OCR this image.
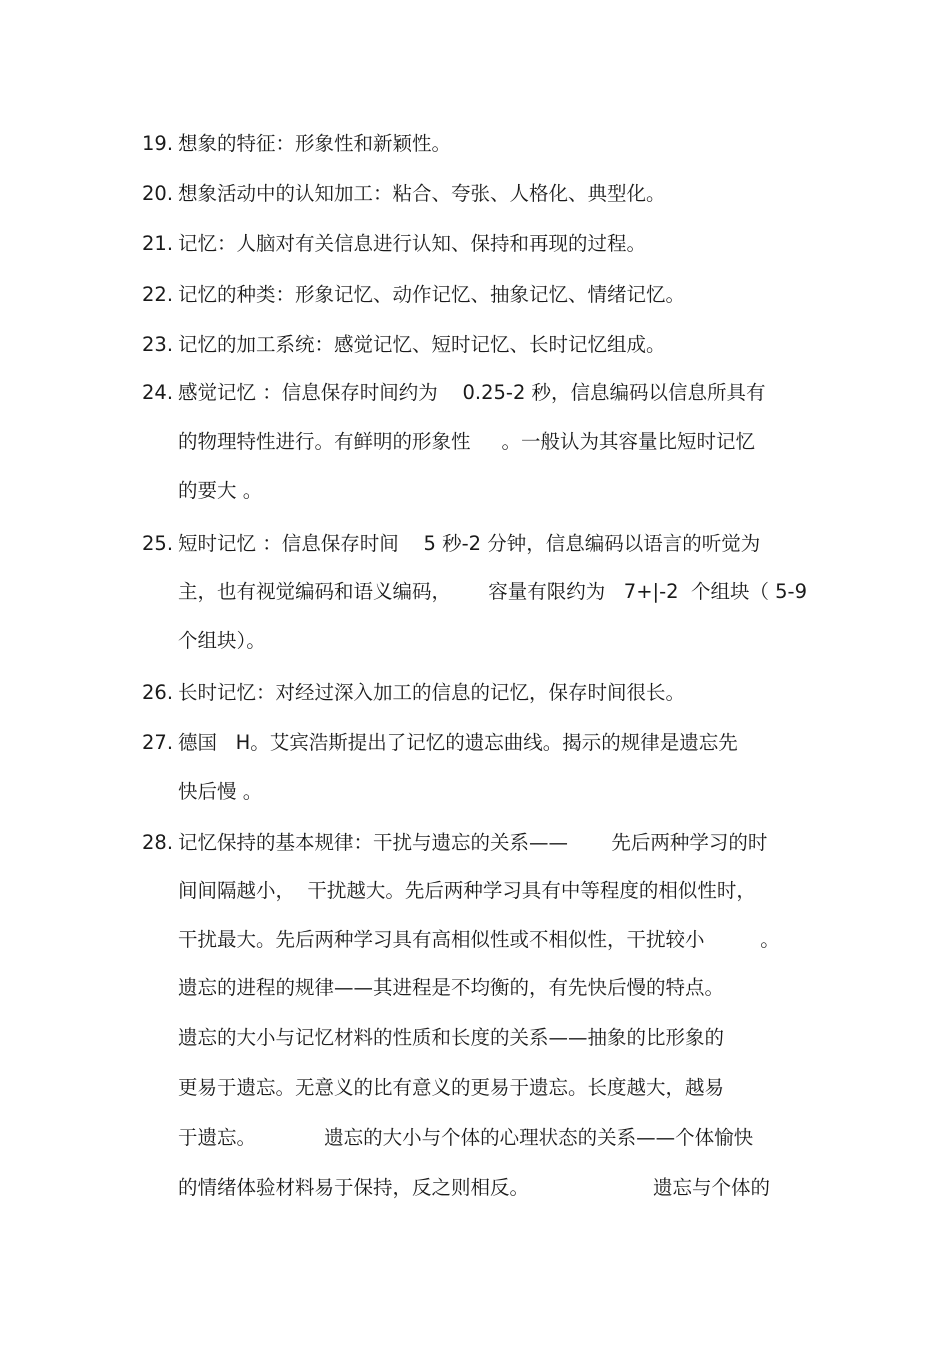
19. 想象的特征：形象性和新颖性。
20. 想象活动中的认知加工：粘合、夸张、人格化、典型化。
21. 记忆：人脑对有关信息进行认知、保持和再现的过程。
22. 记忆的种类：形象记忆、动作记忆、抽象记忆、情绪记忆。
23. 记忆的加工系统：感觉记忆、短时记忆、长时记忆组成。
24. 感觉记忆 ：信息保存时间约为    0.25-2 秒，信息编码以信息所具有
的物理特性进行。有鲜明的形象性     。一般认为其容量比短时记忆
的要大 。
25. 短时记忆 ：信息保存时间    5 秒-2 分钟，信息编码以语言的听觉为
主，也有视觉编码和语义编码，      容量有限约为   7+|-2  个组块（ 5-9
个组块）。
26. 长时记忆：对经过深入加工的信息的记忆，保存时间很长。
27. 德国   H。艾宾浩斯提出了记忆的遗忘曲线。揭示的规律是遗忘先
快后慢 。
28. 记忆保持的基本规律：干扰与遗忘的关系——       先后两种学习的时
间间隔越小，  干扰越大。先后两种学习具有中等程度的相似性时，
干扰最大。先后两种学习具有高相似性或不相似性，干扰较小         。
遗忘的进程的规律——其进程是不均衡的，有先快后慢的特点。
遗忘的大小与记忆材料的性质和长度的关系——抽象的比形象的
更易于遗忘。无意义的比有意义的更易于遗忘。长度越大，越易
于遗忘。           遗忘的大小与个体的心理状态的关系——个体愉快
的情绪体验材料易于保持，反之则相反。                    遗忘与个体的
